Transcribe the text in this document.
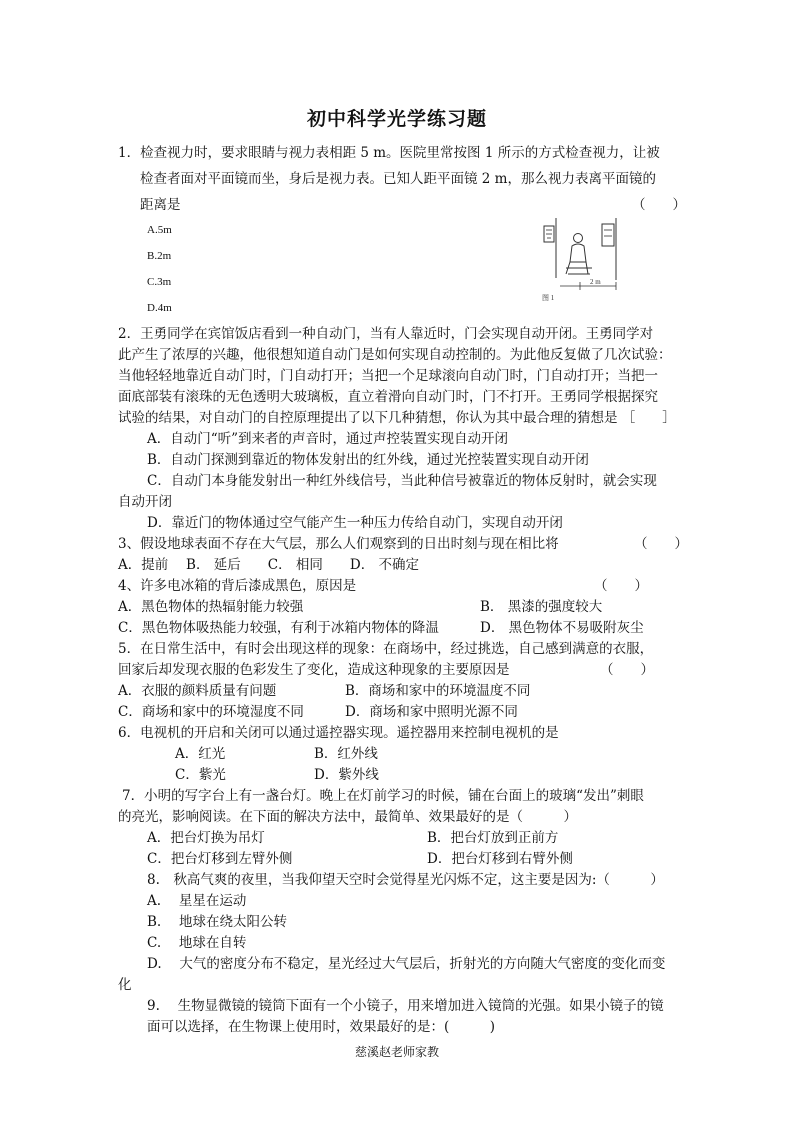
初中科学光学练习题
1．检查视力时，要求眼睛与视力表相距 5 m。医院里常按图 1 所示的方式检查视力，让被
检查者面对平面镜而坐，身后是视力表。已知人距平面镜 2 m，那么视力表离平面镜的
距离是	（　　）
A.5m
B.2m
C.3m
D.4m
2 m
图 1
2．王勇同学在宾馆饭店看到一种自动门，当有人靠近时，门会实现自动开闭。王勇同学对
此产生了浓厚的兴趣，他很想知道自动门是如何实现自动控制的。为此他反复做了几次试验：
当他轻轻地靠近自动门时，门自动打开；当把一个足球滚向自动门时，门自动打开；当把一
面底部装有滚珠的无色透明大玻璃板，直立着滑向自动门时，门不打开。王勇同学根据探究
试验的结果，对自动门的自控原理提出了以下几种猜想，你认为其中最合理的猜想是 ［　　］
A．自动门“听”到来者的声音时，通过声控装置实现自动开闭
B．自动门探测到靠近的物体发射出的红外线，通过光控装置实现自动开闭
C．自动门本身能发射出一种红外线信号，当此种信号被靠近的物体反射时，就会实现
自动开闭
D．靠近门的物体通过空气能产生一种压力传给自动门，实现自动开闭
3、假设地球表面不存在大气层，那么人们观察到的日出时刻与现在相比将	（　　）
A．提前　 B． 延后　　C． 相同　　D． 不确定
4、许多电冰箱的背后漆成黑色，原因是	（　　）
A．黑色物体的热辐射能力较强	B． 黑漆的强度较大
C．黑色物体吸热能力较强，有利于冰箱内物体的降温	D． 黑色物体不易吸附灰尘
5．在日常生活中，有时会出现这样的现象：在商场中，经过挑选，自己感到满意的衣服，
回家后却发现衣服的色彩发生了变化，造成这种现象的主要原因是	（　　）
A．衣服的颜料质量有问题	B．商场和家中的环境温度不同
C．商场和家中的环境湿度不同	D．商场和家中照明光源不同
6．电视机的开启和关闭可以通过遥控器实现。遥控器用来控制电视机的是
A．红光	B．红外线
C．紫光	D．紫外线
7．小明的写字台上有一盏台灯。晚上在灯前学习的时候，铺在台面上的玻璃“发出”刺眼
的亮光，影响阅读。在下面的解决方法中，最简单、效果最好的是（　　　）
A．把台灯换为吊灯	B．把台灯放到正前方
C．把台灯移到左臂外侧	D．把台灯移到右臂外侧
8.　秋高气爽的夜里，当我仰望天空时会觉得星光闪烁不定，这主要是因为:（　　　）
A.　 星星在运动
B.　 地球在绕太阳公转
C.　 地球在自转
D.　 大气的密度分布不稳定，星光经过大气层后，折射光的方向随大气密度的变化而变
化
9.　 生物显微镜的镜筒下面有一个小镜子，用来增加进入镜筒的光强。如果小镜子的镜
面可以选择，在生物课上使用时，效果最好的是：(　　　)
慈溪赵老师家教
